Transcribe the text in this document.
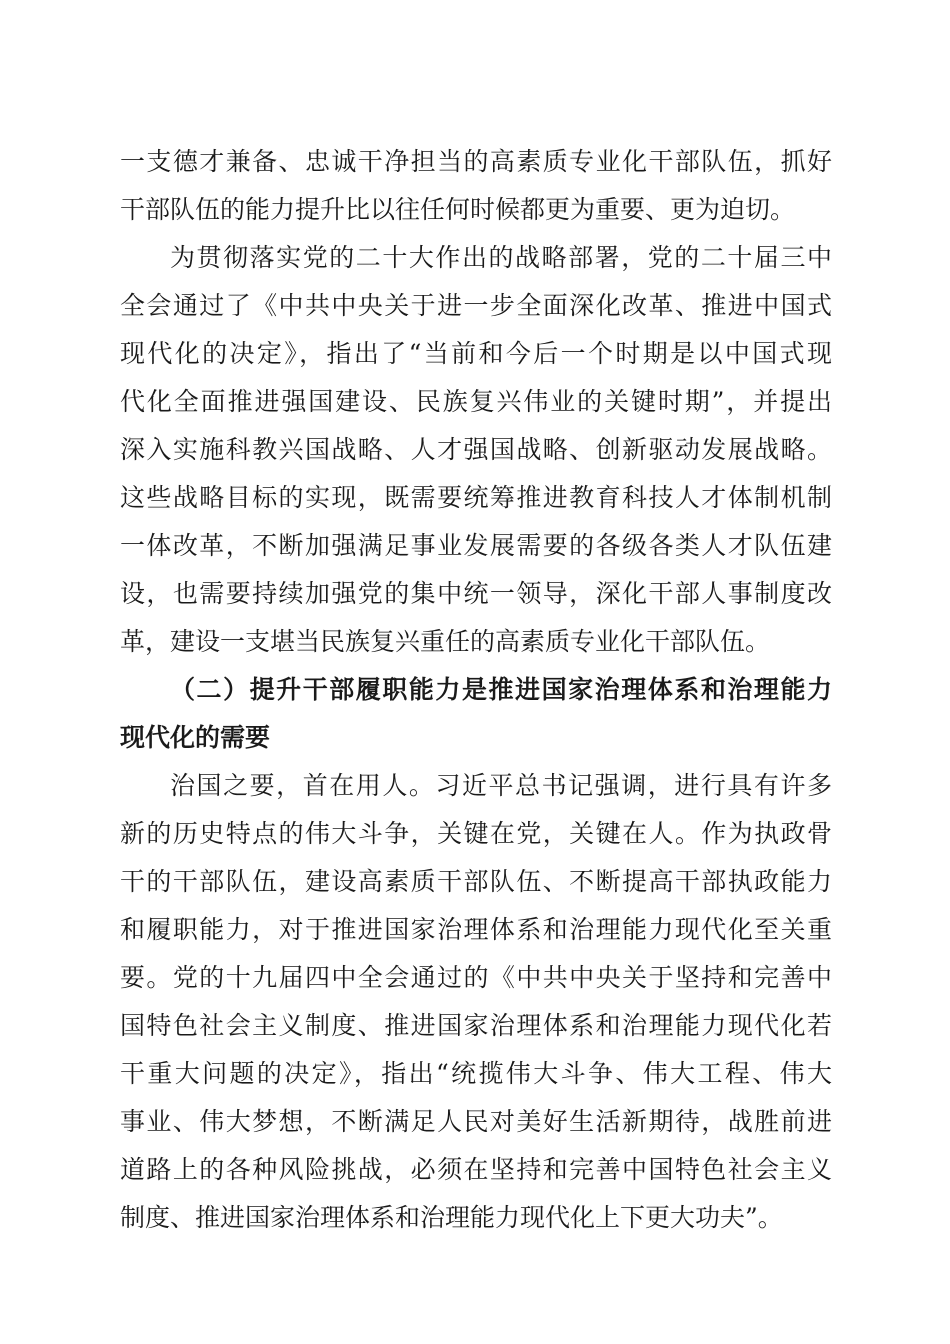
一支德才兼备、忠诚干净担当的高素质专业化干部队伍，抓好
干部队伍的能力提升比以往任何时候都更为重要、更为迫切。
为贯彻落实党的二十大作出的战略部署，党的二十届三中
全会通过了《中共中央关于进一步全面深化改革、推进中国式
现代化的决定》，指出了“当前和今后一个时期是以中国式现
代化全面推进强国建设、民族复兴伟业的关键时期”，并提出
深入实施科教兴国战略、人才强国战略、创新驱动发展战略。
这些战略目标的实现，既需要统筹推进教育科技人才体制机制
一体改革，不断加强满足事业发展需要的各级各类人才队伍建
设，也需要持续加强党的集中统一领导，深化干部人事制度改
革，建设一支堪当民族复兴重任的高素质专业化干部队伍。
（二）提升干部履职能力是推进国家治理体系和治理能力
现代化的需要
治国之要，首在用人。习近平总书记强调，进行具有许多
新的历史特点的伟大斗争，关键在党，关键在人。作为执政骨
干的干部队伍，建设高素质干部队伍、不断提高干部执政能力
和履职能力，对于推进国家治理体系和治理能力现代化至关重
要。党的十九届四中全会通过的《中共中央关于坚持和完善中
国特色社会主义制度、推进国家治理体系和治理能力现代化若
干重大问题的决定》，指出“统揽伟大斗争、伟大工程、伟大
事业、伟大梦想，不断满足人民对美好生活新期待，战胜前进
道路上的各种风险挑战，必须在坚持和完善中国特色社会主义
制度、推进国家治理体系和治理能力现代化上下更大功夫”。
